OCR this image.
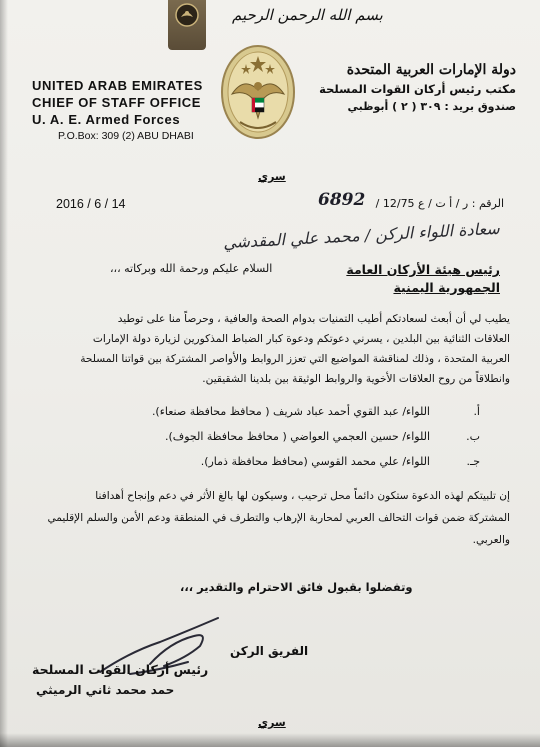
بسم الله الرحمن الرحيم
UNITED ARAB EMIRATES
CHIEF OF STAFF OFFICE
U. A. E. Armed Forces
P.O.Box: 309 (2) ABU DHABI
دولة الإمارات العربية المتحدة
مكتب رئيس أركان القوات المسلحة
صندوق بريد : ٣٠٩ ( ٢ ) أبوظبي
سري
2016 / 6 / 14	6892 الرقم : ر / أ ت / ع 12/75 /
سعادة اللواء الركن / محمد علي المقدشي
رئيس هيئة الأركان العامة
الجمهورية اليمنية
السلام عليكم ورحمة الله وبركاته ،،،
يطيب لي أن أبعث لسعادتكم أطيب التمنيات بدوام الصحة والعافية ، وحرصاً منا على توطيد
العلاقات الثنائية بين البلدين ، يسرني دعوتكم ودعوة كبار الضباط المذكورين لزيارة دولة الإمارات
العربية المتحدة ، وذلك لمناقشة المواضيع التي تعزز الروابط والأواصر المشتركة بين قواتنا المسلحة
وانطلاقاً من روح العلاقات الأخوية والروابط الوثيقة بين بلدينا الشقيقين.
أ.
اللواء/ عبد القوي أحمد عباد شريف ( محافظ محافظة صنعاء).
ب.
اللواء/ حسين العجمي العواضي ( محافظ محافظة الجوف).
جـ.
اللواء/ علي محمد القوسي (محافظ محافظة ذمار).
إن تلبيتكم لهذه الدعوة ستكون دائماً محل ترحيب ، وسيكون لها بالغ الأثر في دعم وإنجاح أهدافنا
المشتركة ضمن قوات التحالف العربي لمحاربة الإرهاب والتطرف في المنطقة ودعم الأمن والسلم الإقليمي
والعربي.
وتفضلوا بقبول فائق الاحترام والتقدير ،،،
الفريق الركن
رئيس أركان القوات المسلحة
حمد محمد ثاني الرميثي
سري
